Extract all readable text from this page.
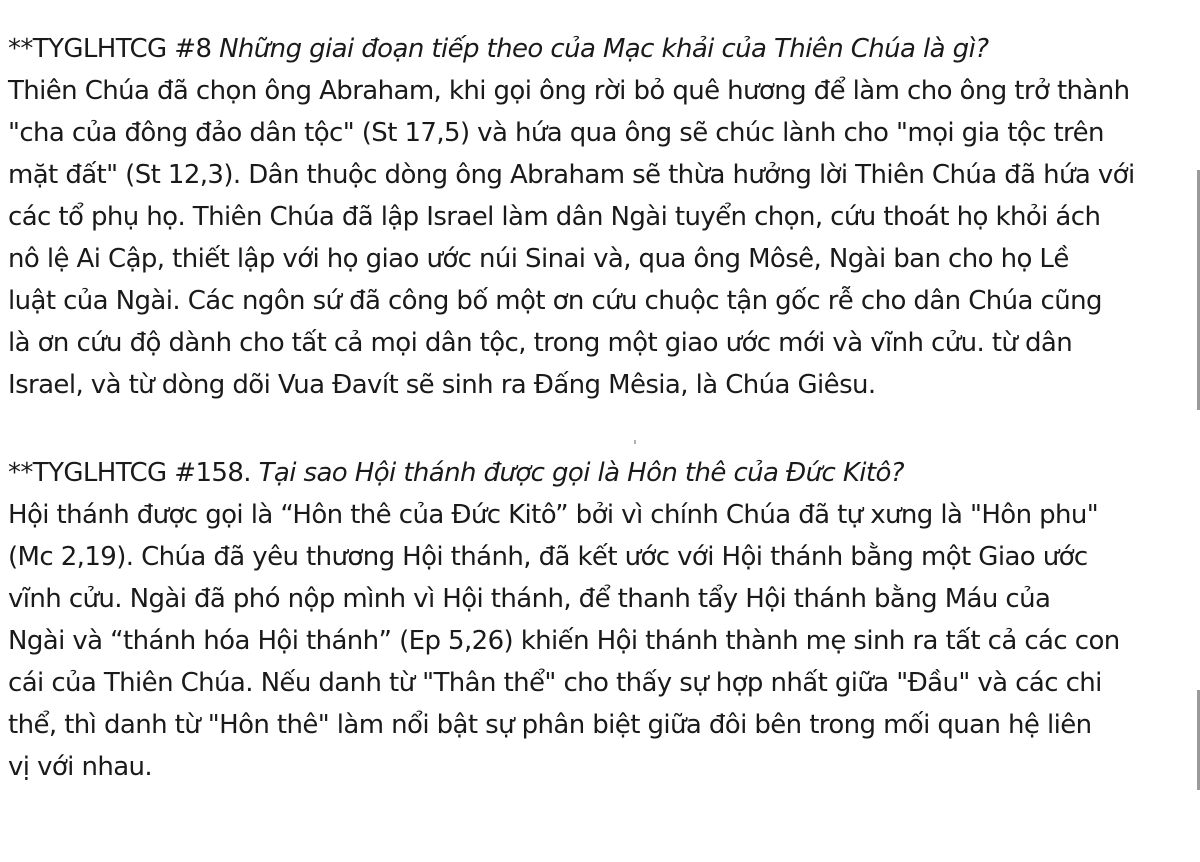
**TYGLHTCG #8 Những giai đoạn tiếp theo của Mạc khải của Thiên Chúa là gì?
Thiên Chúa đã chọn ông Abraham, khi gọi ông rời bỏ quê hương để làm cho ông trở thành
"cha của đông đảo dân tộc" (St 17,5) và hứa qua ông sẽ chúc lành cho "mọi gia tộc trên
mặt đất" (St 12,3). Dân thuộc dòng ông Abraham sẽ thừa hưởng lời Thiên Chúa đã hứa với
các tổ phụ họ. Thiên Chúa đã lập Israel làm dân Ngài tuyển chọn, cứu thoát họ khỏi ách
nô lệ Ai Cập, thiết lập với họ giao ước núi Sinai và, qua ông Môsê, Ngài ban cho họ Lề
luật của Ngài. Các ngôn sứ đã công bố một ơn cứu chuộc tận gốc rễ cho dân Chúa cũng
là ơn cứu độ dành cho tất cả mọi dân tộc, trong một giao ước mới và vĩnh cửu. từ dân
Israel, và từ dòng dõi Vua Đavít sẽ sinh ra Đấng Mêsia, là Chúa Giêsu.
**TYGLHTCG #158. Tại sao Hội thánh được gọi là Hôn thê của Đức Kitô?
Hội thánh được gọi là “Hôn thê của Đức Kitô” bởi vì chính Chúa đã tự xưng là "Hôn phu"
(Mc 2,19). Chúa đã yêu thương Hội thánh, đã kết ước với Hội thánh bằng một Giao ước
vĩnh cửu. Ngài đã phó nộp mình vì Hội thánh, để thanh tẩy Hội thánh bằng Máu của
Ngài và “thánh hóa Hội thánh” (Ep 5,26) khiến Hội thánh thành mẹ sinh ra tất cả các con
cái của Thiên Chúa. Nếu danh từ "Thân thể" cho thấy sự hợp nhất giữa "Đầu" và các chi
thể, thì danh từ "Hôn thê" làm nổi bật sự phân biệt giữa đôi bên trong mối quan hệ liên
vị với nhau.
